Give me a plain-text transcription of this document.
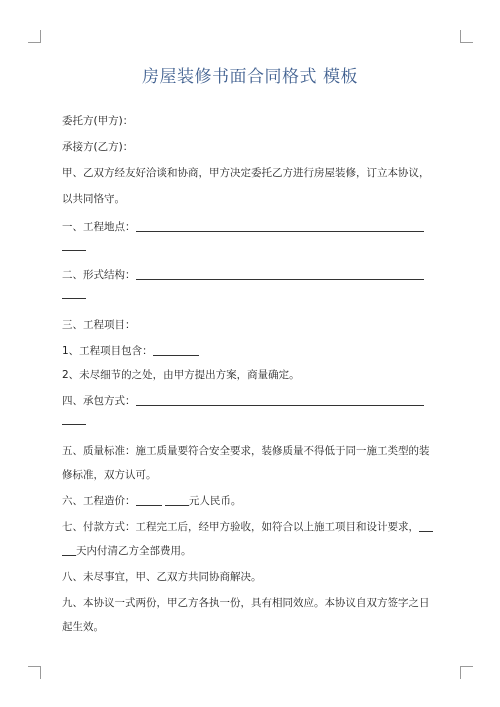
房屋装修书面合同格式 模板
委托方(甲方)：
承接方(乙方)：
甲、乙双方经友好洽谈和协商，甲方决定委托乙方进行房屋装修，订立本协议，
以共同恪守。
一、工程地点：
二、形式结构：
三、工程项目：
1、工程项目包含：
2、未尽细节的之处，由甲方提出方案，商量确定。
四、承包方式：
五、质量标准：施工质量要符合安全要求，装修质量不得低于同一施工类型的装
修标准，双方认可。
六、工程造价：	元人民币。
七、付款方式：工程完工后，经甲方验收，如符合以上施工项目和设计要求，
天内付清乙方全部费用。
八、未尽事宜，甲、乙双方共同协商解决。
九、本协议一式两份，甲乙方各执一份，具有相同效应。本协议自双方签字之日
起生效。
